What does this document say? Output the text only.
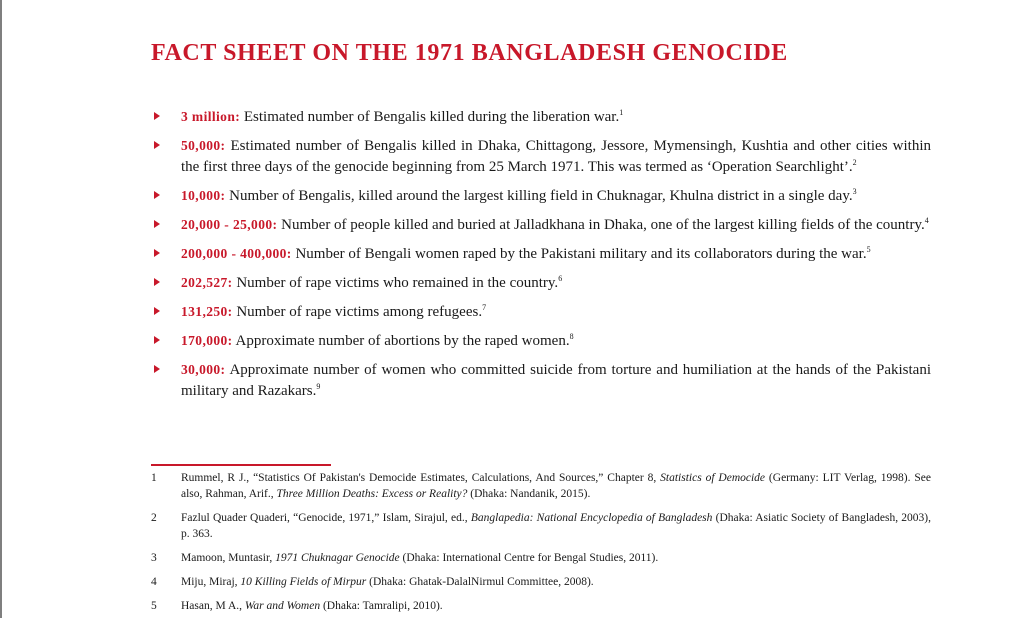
FACT SHEET ON THE 1971 BANGLADESH GENOCIDE
3 million: Estimated number of Bengalis killed during the liberation war.$^1$
50,000: Estimated number of Bengalis killed in Dhaka, Chittagong, Jessore, Mymensingh, Kushtia and other cities within the first three days of the genocide beginning from 25 March 1971. This was termed as ‘Operation Searchlight’.$^2$
10,000: Number of Bengalis, killed around the largest killing field in Chuknagar, Khulna district in a single day.$^3$
20,000 - 25,000: Number of people killed and buried at Jalladkhana in Dhaka, one of the largest killing fields of the country.$^4$
200,000 - 400,000: Number of Bengali women raped by the Pakistani military and its collaborators during the war.$^5$
202,527: Number of rape victims who remained in the country.$^6$
131,250: Number of rape victims among refugees.$^7$
170,000: Approximate number of abortions by the raped women.$^8$
30,000: Approximate number of women who committed suicide from torture and humiliation at the hands of the Pakistani military and Razakars.$^9$
1 Rummel, R J., “Statistics Of Pakistan's Democide Estimates, Calculations, And Sources,” Chapter 8, Statistics of Democide (Germany: LIT Verlag, 1998). See also, Rahman, Arif., Three Million Deaths: Excess or Reality? (Dhaka: Nandanik, 2015).
2 Fazlul Quader Quaderi, “Genocide, 1971,” Islam, Sirajul, ed., Banglapedia: National Encyclopedia of Bangladesh (Dhaka: Asiatic Society of Bangladesh, 2003), p. 363.
3 Mamoon, Muntasir, 1971 Chuknagar Genocide (Dhaka: International Centre for Bengal Studies, 2011).
4 Miju, Miraj, 10 Killing Fields of Mirpur (Dhaka: Ghatak-DalalNirmul Committee, 2008).
5 Hasan, M A., War and Women (Dhaka: Tamralipi, 2010).
